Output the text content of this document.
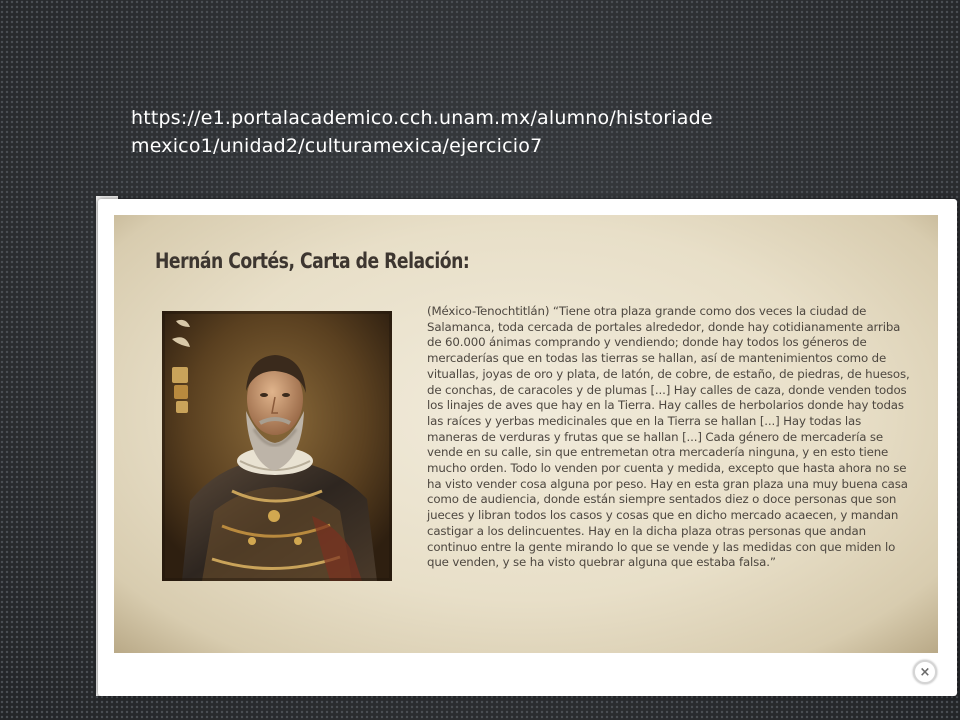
https://e1.portalacademico.cch.unam.mx/alumno/historiade
mexico1/unidad2/culturamexica/ejercicio7
Hernán Cortés, Carta de Relación:
(México-Tenochtitlán) “Tiene otra plaza grande como dos veces la ciudad de Salamanca, toda cercada de portales alrededor, donde hay cotidianamente arriba de 60.000 ánimas comprando y vendiendo; donde hay todos los géneros de mercaderías que en todas las tierras se hallan, así de mantenimientos como de vituallas, joyas de oro y plata, de latón, de cobre, de estaño, de piedras, de huesos, de conchas, de caracoles y de plumas [...] Hay calles de caza, donde venden todos los linajes de aves que hay en la Tierra. Hay calles de herbolarios donde hay todas las raíces y yerbas medicinales que en la Tierra se hallan [...] Hay todas las maneras de verduras y frutas que se hallan [...] Cada género de mercadería se vende en su calle, sin que entremetan otra mercadería ninguna, y en esto tiene mucho orden. Todo lo venden por cuenta y medida, excepto que hasta ahora no se ha visto vender cosa alguna por peso. Hay en esta gran plaza una muy buena casa como de audiencia, donde están siempre sentados diez o doce personas que son jueces y libran todos los casos y cosas que en dicho mercado acaecen, y mandan castigar a los delincuentes. Hay en la dicha plaza otras personas que andan continuo entre la gente mirando lo que se vende y las medidas con que miden lo que venden, y se ha visto quebrar alguna que estaba falsa.”
×
